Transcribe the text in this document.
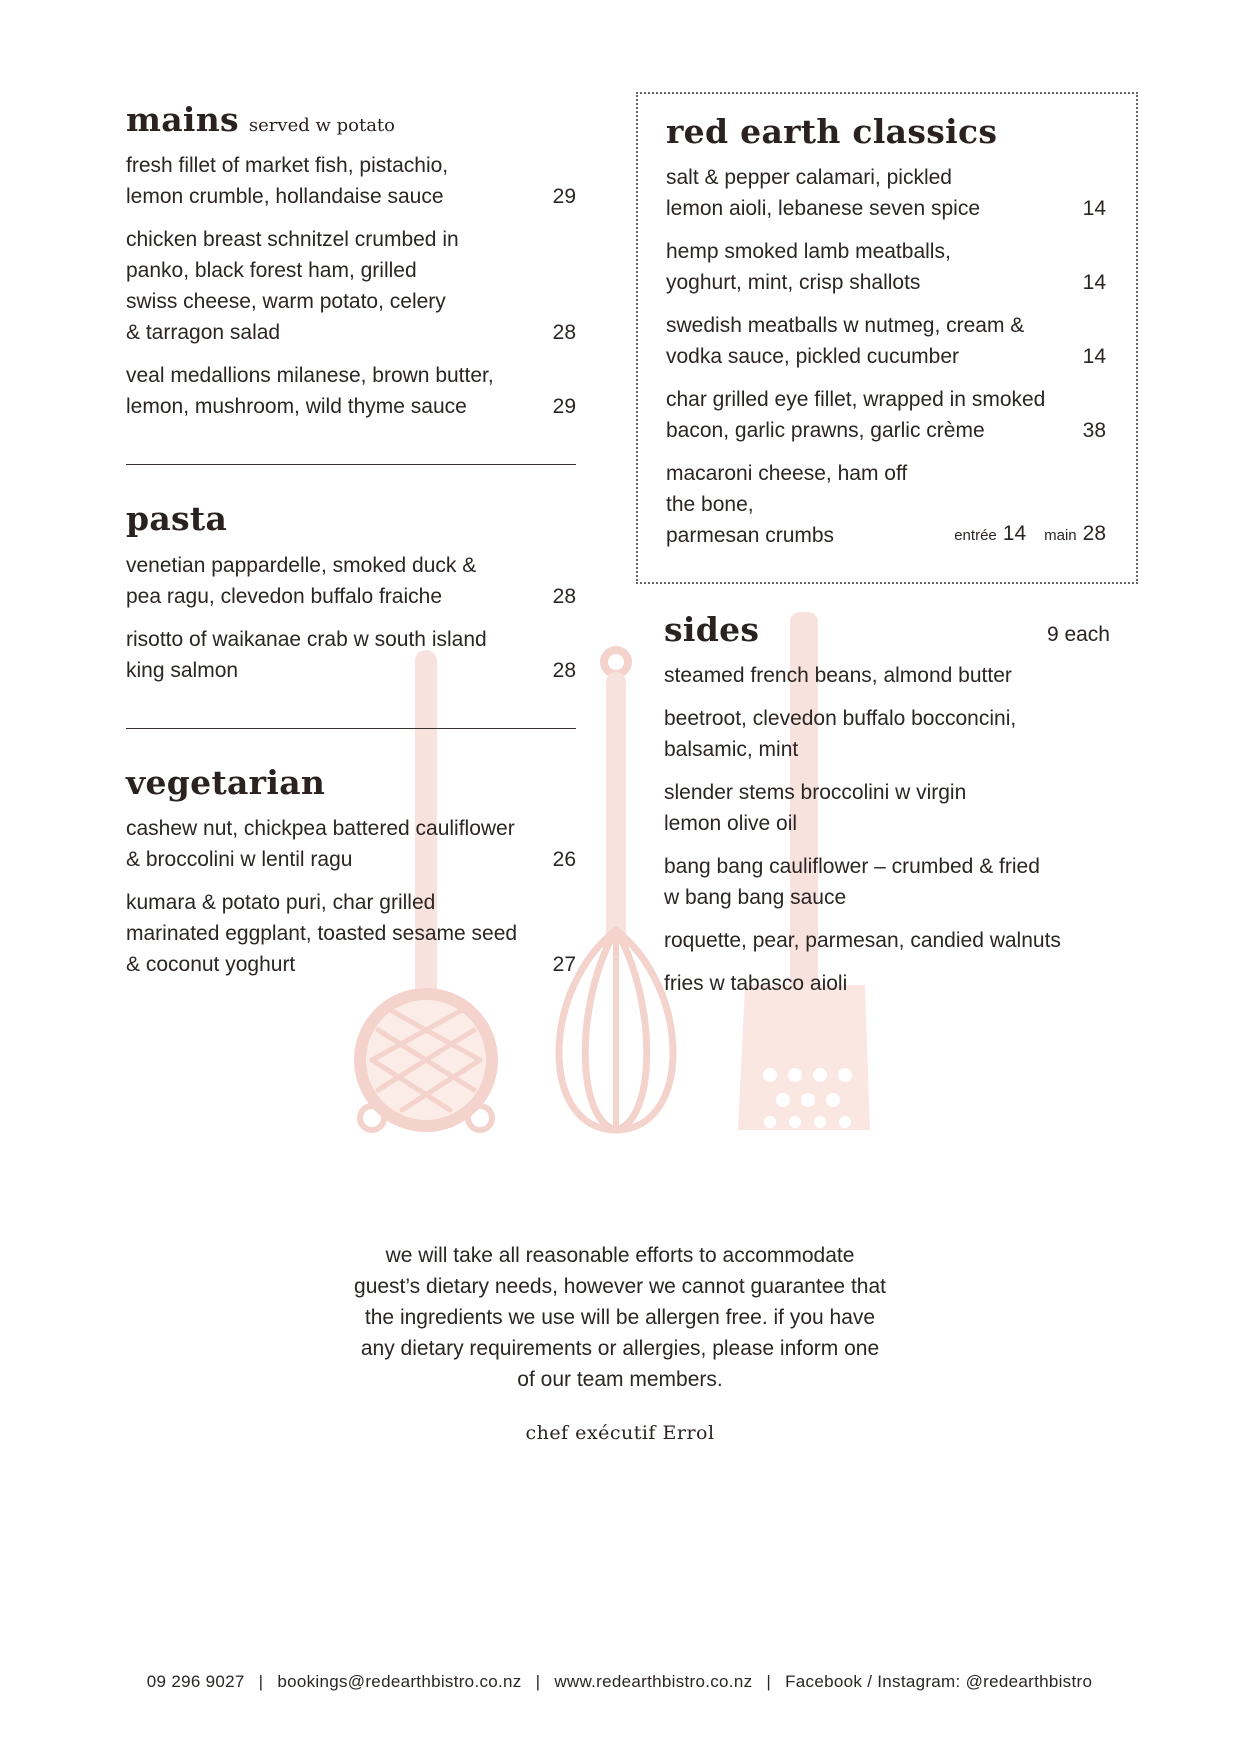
mains served w potato
fresh fillet of market fish, pistachio,
lemon crumble, hollandaise sauce	29
chicken breast schnitzel crumbed in
panko, black forest ham, grilled
swiss cheese, warm potato, celery
& tarragon salad	28
veal medallions milanese, brown butter,
lemon, mushroom, wild thyme sauce	29
pasta
venetian pappardelle, smoked duck &
pea ragu, clevedon buffalo fraiche	28
risotto of waikanae crab w south island
king salmon	28
vegetarian
cashew nut, chickpea battered cauliflower
& broccolini w lentil ragu	26
kumara & potato puri, char grilled
marinated eggplant, toasted sesame seed
& coconut yoghurt	27
red earth classics
salt & pepper calamari, pickled
lemon aioli, lebanese seven spice	14
hemp smoked lamb meatballs,
yoghurt, mint, crisp shallots	14
swedish meatballs w nutmeg, cream &
vodka sauce, pickled cucumber	14
char grilled eye fillet, wrapped in smoked
bacon, garlic prawns, garlic crème	38
macaroni cheese, ham off the bone,
parmesan crumbs	entrée 14 main 28
sides	9 each
steamed french beans, almond butter
beetroot, clevedon buffalo bocconcini,
balsamic, mint
slender stems broccolini w virgin
lemon olive oil
bang bang cauliflower – crumbed & fried
w bang bang sauce
roquette, pear, parmesan, candied walnuts
fries w tabasco aioli
we will take all reasonable efforts to accommodate
guest’s dietary needs, however we cannot guarantee that
the ingredients we use will be allergen free. if you have
any dietary requirements or allergies, please inform one
of our team members.
chef exécutif Errol
09 296 9027 | bookings@redearthbistro.co.nz | www.redearthbistro.co.nz | Facebook / Instagram: @redearthbistro
